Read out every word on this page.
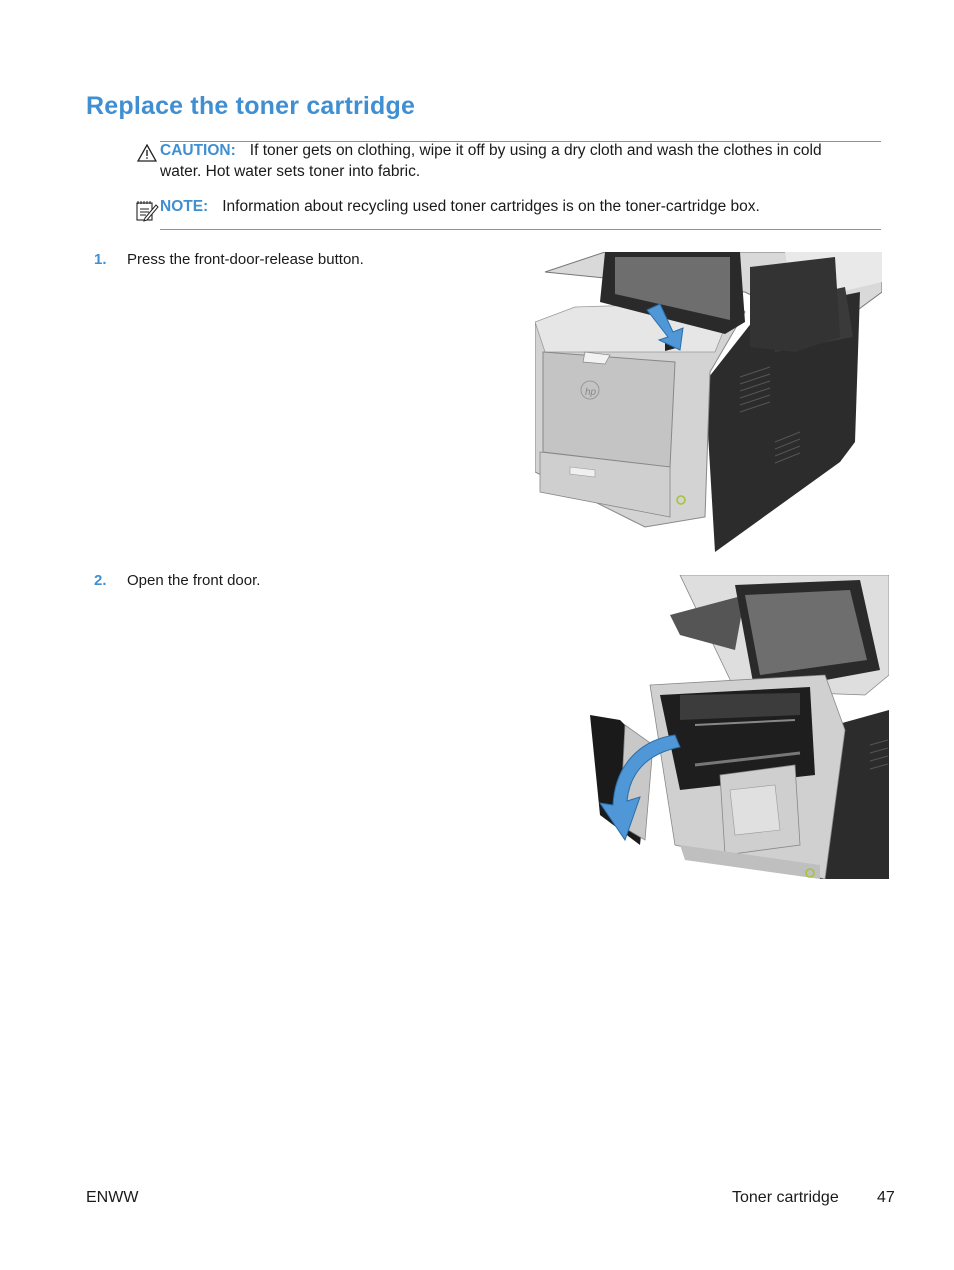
Replace the toner cartridge
CAUTION: If toner gets on clothing, wipe it off by using a dry cloth and wash the clothes in cold
water. Hot water sets toner into fabric.
NOTE: Information about recycling used toner cartridges is on the toner-cartridge box.
1. Press the front-door-release button.
hp
2. Open the front door.
ENWW	Toner cartridge 47
